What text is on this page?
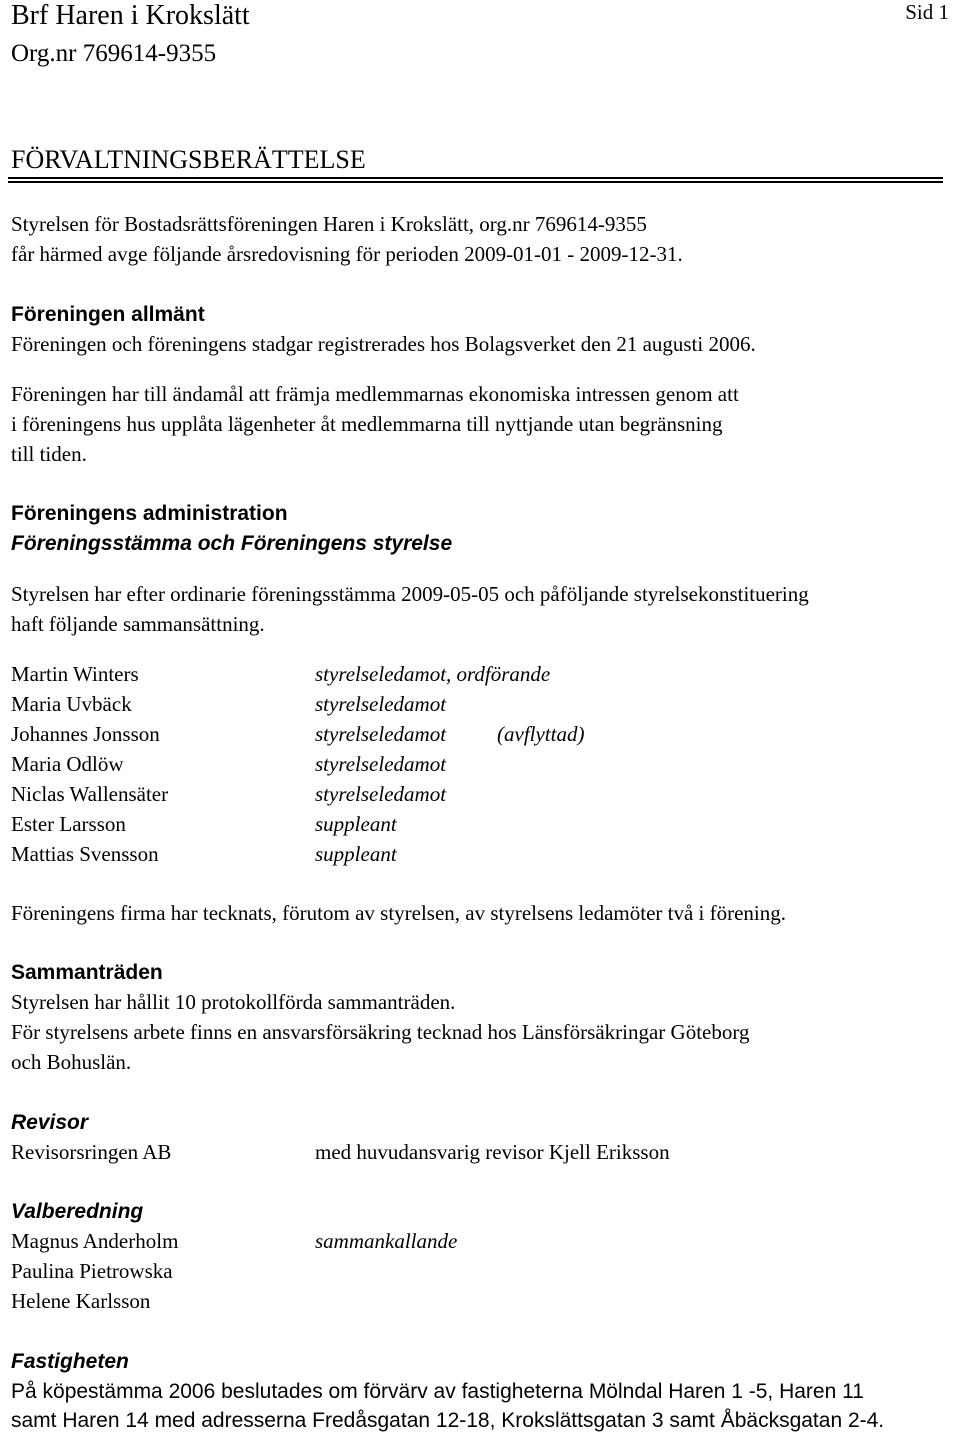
Brf Haren i Krokslätt
Org.nr 769614-9355
Sid 1
FÖRVALTNINGSBERÄTTELSE
Styrelsen för Bostadsrättsföreningen Haren i Krokslätt, org.nr 769614-9355
får härmed avge följande årsredovisning för perioden 2009-01-01 - 2009-12-31.
Föreningen allmänt
Föreningen och föreningens stadgar registrerades hos Bolagsverket den 21 augusti 2006.
Föreningen har till ändamål att främja medlemmarnas ekonomiska intressen genom att
i föreningens hus upplåta lägenheter åt medlemmarna till nyttjande utan begränsning
till tiden.
Föreningens administration
Föreningsstämma och Föreningens styrelse
Styrelsen har efter ordinarie föreningsstämma 2009-05-05 och påföljande styrelsekonstituering
haft följande sammansättning.
Martin Winters	styrelseledamot, ordförande
Maria Uvbäck	styrelseledamot
Johannes Jonsson	styrelseledamot (avflyttad)
Maria Odlöw	styrelseledamot
Niclas Wallensäter	styrelseledamot
Ester Larsson	suppleant
Mattias Svensson	suppleant
Föreningens firma har tecknats, förutom av styrelsen, av styrelsens ledamöter två i förening.
Sammanträden
Styrelsen har hållit 10 protokollförda sammanträden.
För styrelsens arbete finns en ansvarsförsäkring tecknad hos Länsförsäkringar Göteborg
och Bohuslän.
Revisor
Revisorsringen AB	med huvudansvarig revisor Kjell Eriksson
Valberedning
Magnus Anderholm	sammankallande
Paulina Pietrowska
Helene Karlsson
Fastigheten
På köpestämma 2006 beslutades om förvärv av fastigheterna Mölndal Haren 1 -5, Haren 11
samt Haren 14 med adresserna Fredåsgatan 12-18, Krokslättsgatan 3 samt Åbäcksgatan 2-4.
